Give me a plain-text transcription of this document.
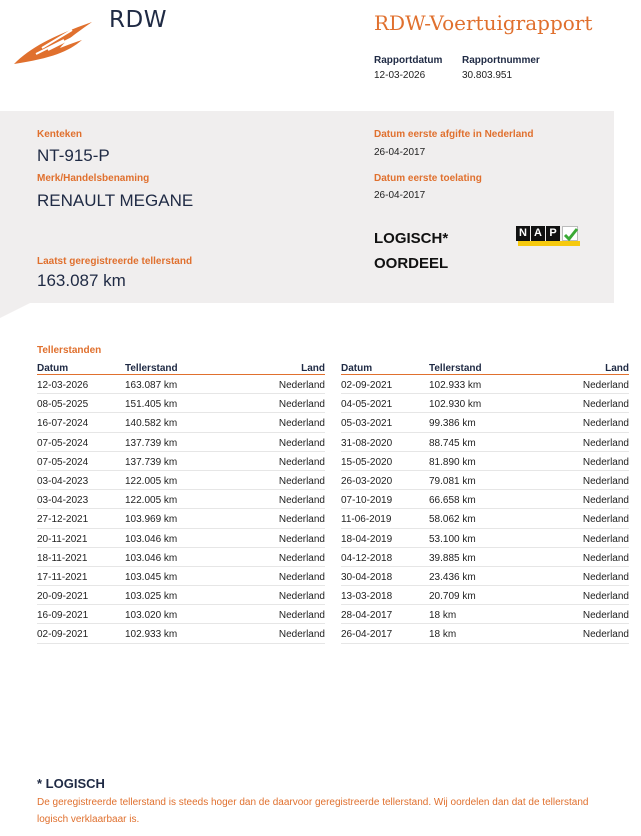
RDW	RDW-Voertuigrapport
Rapportdatum
12-03-2026
Rapportnummer
30.803.951
Kenteken
NT-915-P
Merk/Handelsbenaming
RENAULT MEGANE
Laatst geregistreerde tellerstand
163.087 km
Datum eerste afgifte in Nederland
26-04-2017
Datum eerste toelating
26-04-2017
LOGISCH*
OORDEEL
N A P
Tellerstanden
Datum	Tellerstand	Land
12-03-2026	163.087 km	Nederland
08-05-2025	151.405 km	Nederland
16-07-2024	140.582 km	Nederland
07-05-2024	137.739 km	Nederland
07-05-2024	137.739 km	Nederland
03-04-2023	122.005 km	Nederland
03-04-2023	122.005 km	Nederland
27-12-2021	103.969 km	Nederland
20-11-2021	103.046 km	Nederland
18-11-2021	103.046 km	Nederland
17-11-2021	103.045 km	Nederland
20-09-2021	103.025 km	Nederland
16-09-2021	103.020 km	Nederland
02-09-2021	102.933 km	Nederland
Datum	Tellerstand	Land
02-09-2021	102.933 km	Nederland
04-05-2021	102.930 km	Nederland
05-03-2021	99.386 km	Nederland
31-08-2020	88.745 km	Nederland
15-05-2020	81.890 km	Nederland
26-03-2020	79.081 km	Nederland
07-10-2019	66.658 km	Nederland
11-06-2019	58.062 km	Nederland
18-04-2019	53.100 km	Nederland
04-12-2018	39.885 km	Nederland
30-04-2018	23.436 km	Nederland
13-03-2018	20.709 km	Nederland
28-04-2017	18 km	Nederland
26-04-2017	18 km	Nederland
* LOGISCH
De geregistreerde tellerstand is steeds hoger dan de daarvoor geregistreerde tellerstand. Wij oordelen dan dat de tellerstand logisch verklaarbaar is.
